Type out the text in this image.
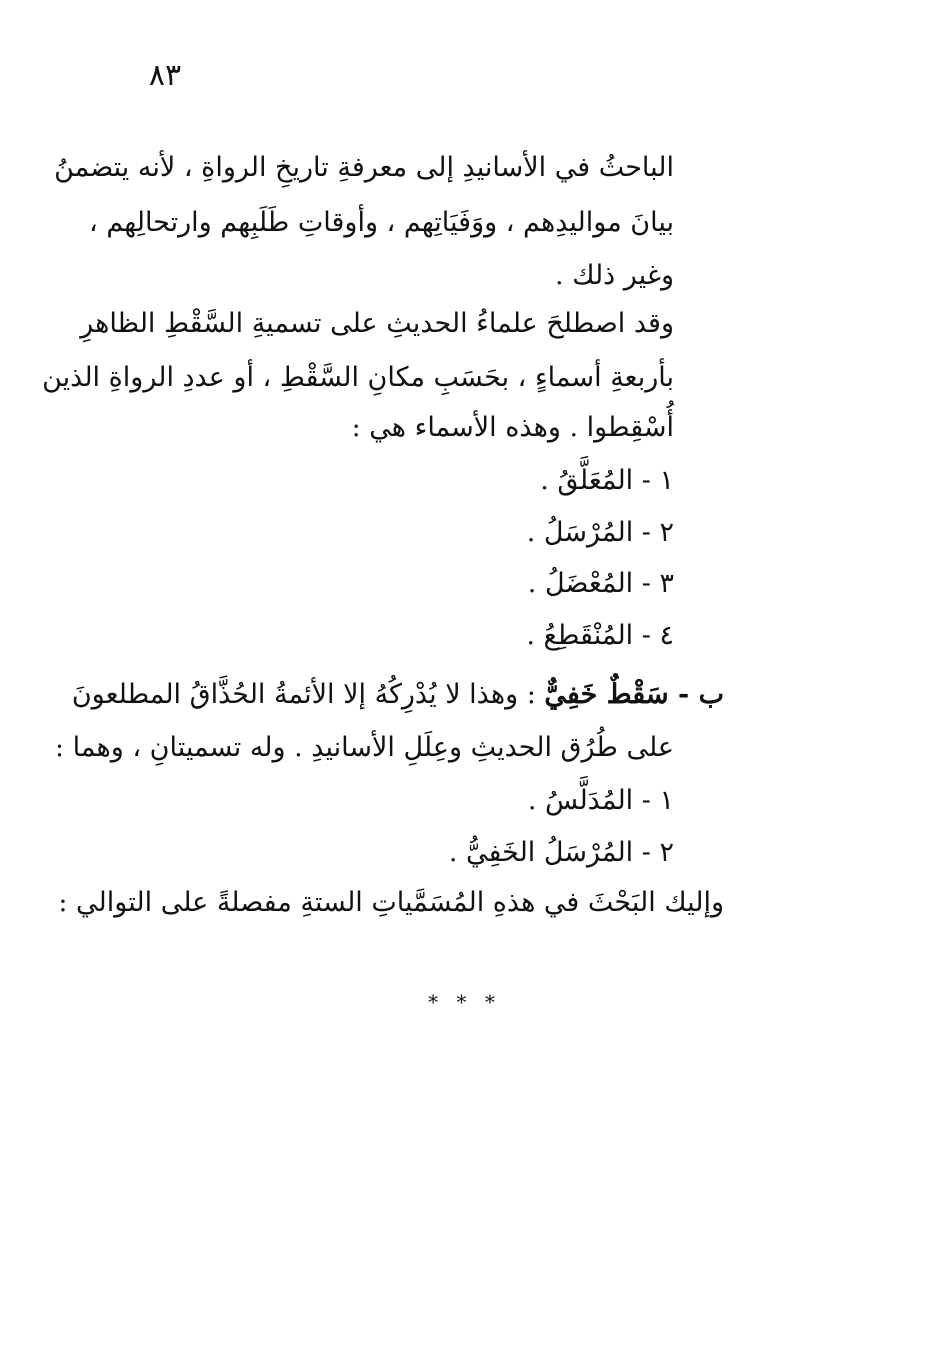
٨٣
الباحثُ في الأسانيدِ إلى معرفةِ تاريخِ الرواةِ ، لأنه يتضمنُ
بيانَ مواليدِهم ، ووَفَيَاتِهم ، وأوقاتِ طَلَبِهم وارتحالِهم ،
وغير ذلك .
وقد اصطلحَ علماءُ الحديثِ على تسميةِ السَّقْطِ الظاهرِ
بأربعةِ أسماءٍ ، بحَسَبِ مكانِ السَّقْطِ ، أو عددِ الرواةِ الذين
أُسْقِطوا . وهذه الأسماء هي :
١ - المُعَلَّقُ .
٢ - المُرْسَلُ .
٣ - المُعْضَلُ .
٤ - المُنْقَطِعُ .
ب - سَقْطٌ خَفِيٌّ : وهذا لا يُدْرِكُهُ إلا الأئمةُ الحُذَّاقُ المطلعونَ
على طُرُق الحديثِ وعِلَلِ الأسانيدِ . وله تسميتانِ ، وهما :
١ - المُدَلَّسُ .
٢ - المُرْسَلُ الخَفِيُّ .
وإليك البَحْثَ في هذهِ المُسَمَّياتِ الستةِ مفصلةً على التوالي :
* * *
